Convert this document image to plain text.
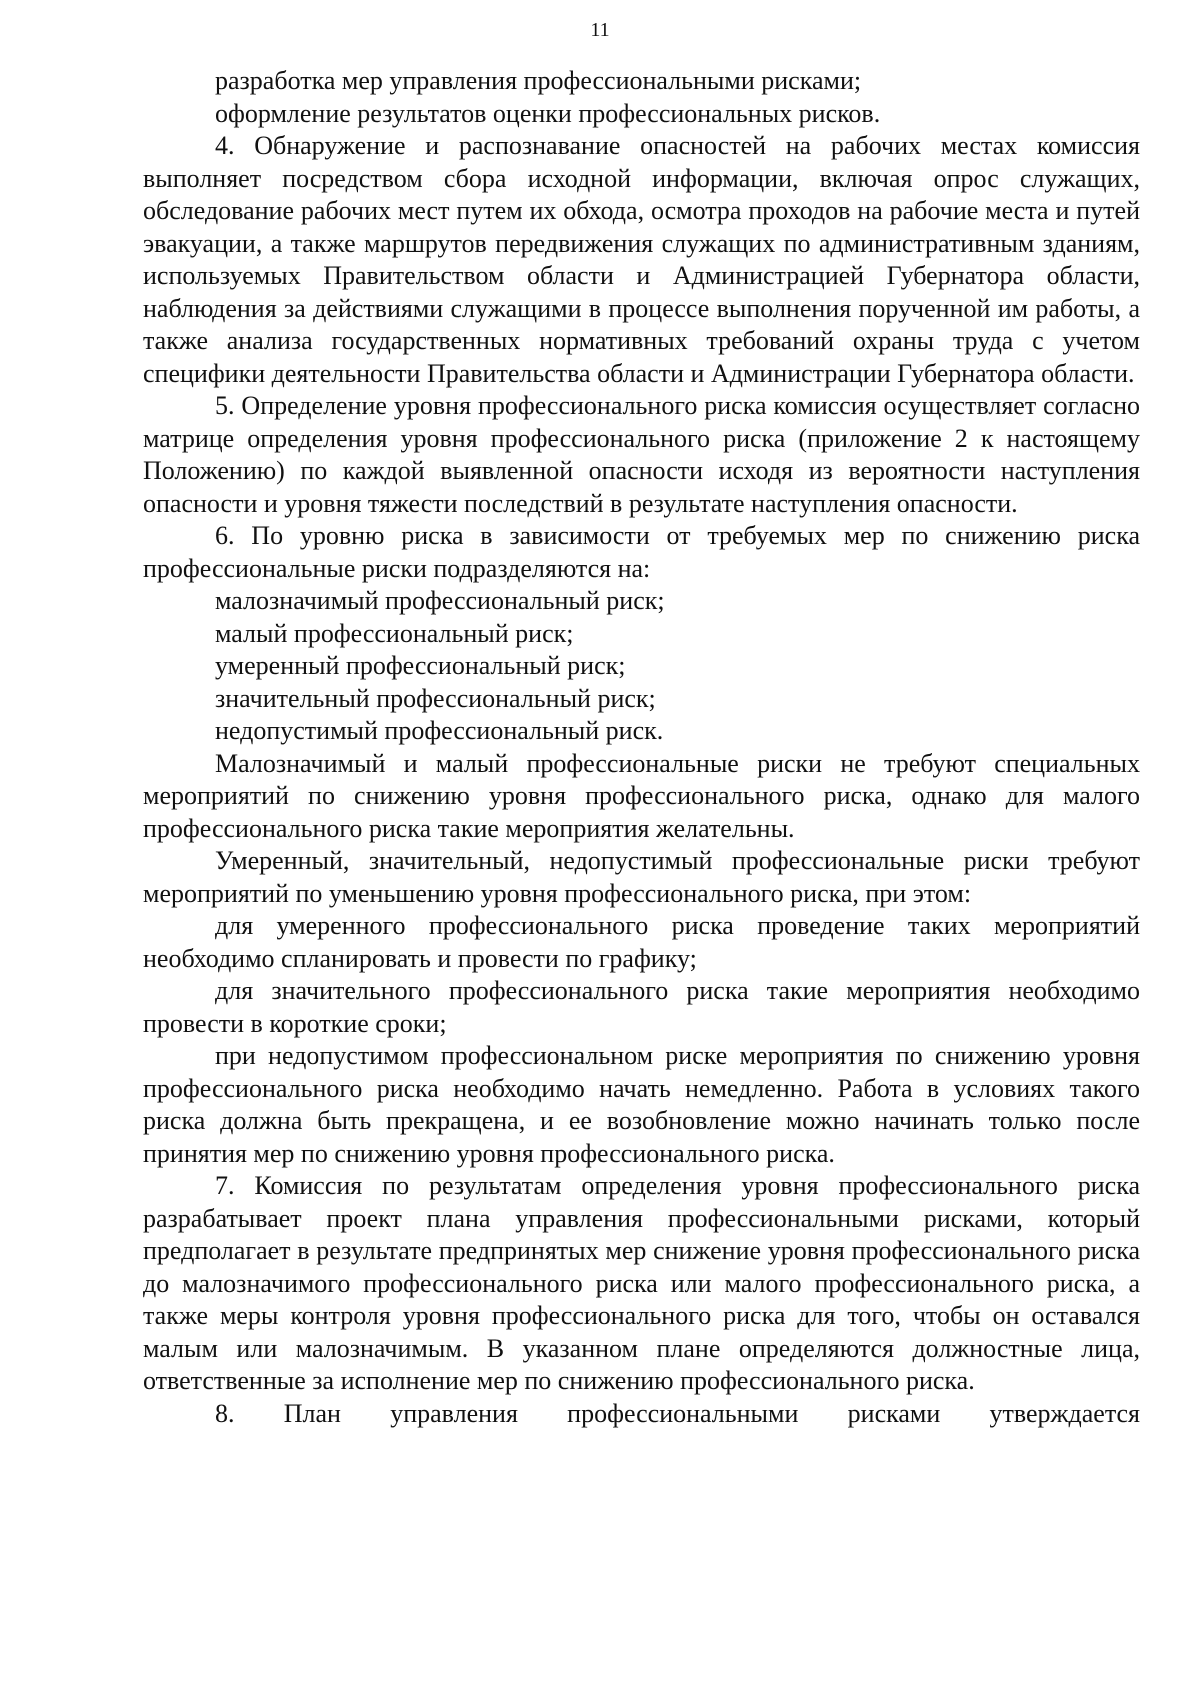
11

разработка мер управления профессиональными рисками;

оформление результатов оценки профессиональных рисков.

4. Обнаружение и распознавание опасностей на рабочих местах комиссия выполняет посредством сбора исходной информации, включая опрос служащих, обследование рабочих мест путем их обхода, осмотра проходов на рабочие места и путей эвакуации, а также маршрутов передвижения служащих по административным зданиям, используемых Правительством области и Администрацией Губернатора области, наблюдения за действиями служащими в процессе выполнения порученной им работы, а также анализа государственных нормативных требований охраны труда с учетом специфики деятельности Правительства области и Администрации Губернатора области.

5. Определение уровня профессионального риска комиссия осуществляет согласно матрице определения уровня профессионального риска (приложение 2 к настоящему Положению) по каждой выявленной опасности исходя из вероятности наступления опасности и уровня тяжести последствий в результате наступления опасности.

6. По уровню риска в зависимости от требуемых мер по снижению риска профессиональные риски подразделяются на:

малозначимый профессиональный риск;

малый профессиональный риск;

умеренный профессиональный риск;

значительный профессиональный риск;

недопустимый профессиональный риск.

Малозначимый и малый профессиональные риски не требуют специальных мероприятий по снижению уровня профессионального риска, однако для малого профессионального риска такие мероприятия желательны.

Умеренный, значительный, недопустимый профессиональные риски требуют мероприятий по уменьшению уровня профессионального риска, при этом:

для умеренного профессионального риска проведение таких мероприятий необходимо спланировать и провести по графику;

для значительного профессионального риска такие мероприятия необходимо провести в короткие сроки;

при недопустимом профессиональном риске мероприятия по снижению уровня профессионального риска необходимо начать немедленно. Работа в условиях такого риска должна быть прекращена, и ее возобновление можно начинать только после принятия мер по снижению уровня профессионального риска.

7. Комиссия по результатам определения уровня профессионального риска разрабатывает проект плана управления профессиональными рисками, который предполагает в результате предпринятых мер снижение уровня профессионального риска до малозначимого профессионального риска или малого профессионального риска, а также меры контроля уровня профессионального риска для того, чтобы он оставался малым или малозначимым. В указанном плане определяются должностные лица, ответственные за исполнение мер по снижению профессионального риска.

8. План управления профессиональными рисками утверждается
